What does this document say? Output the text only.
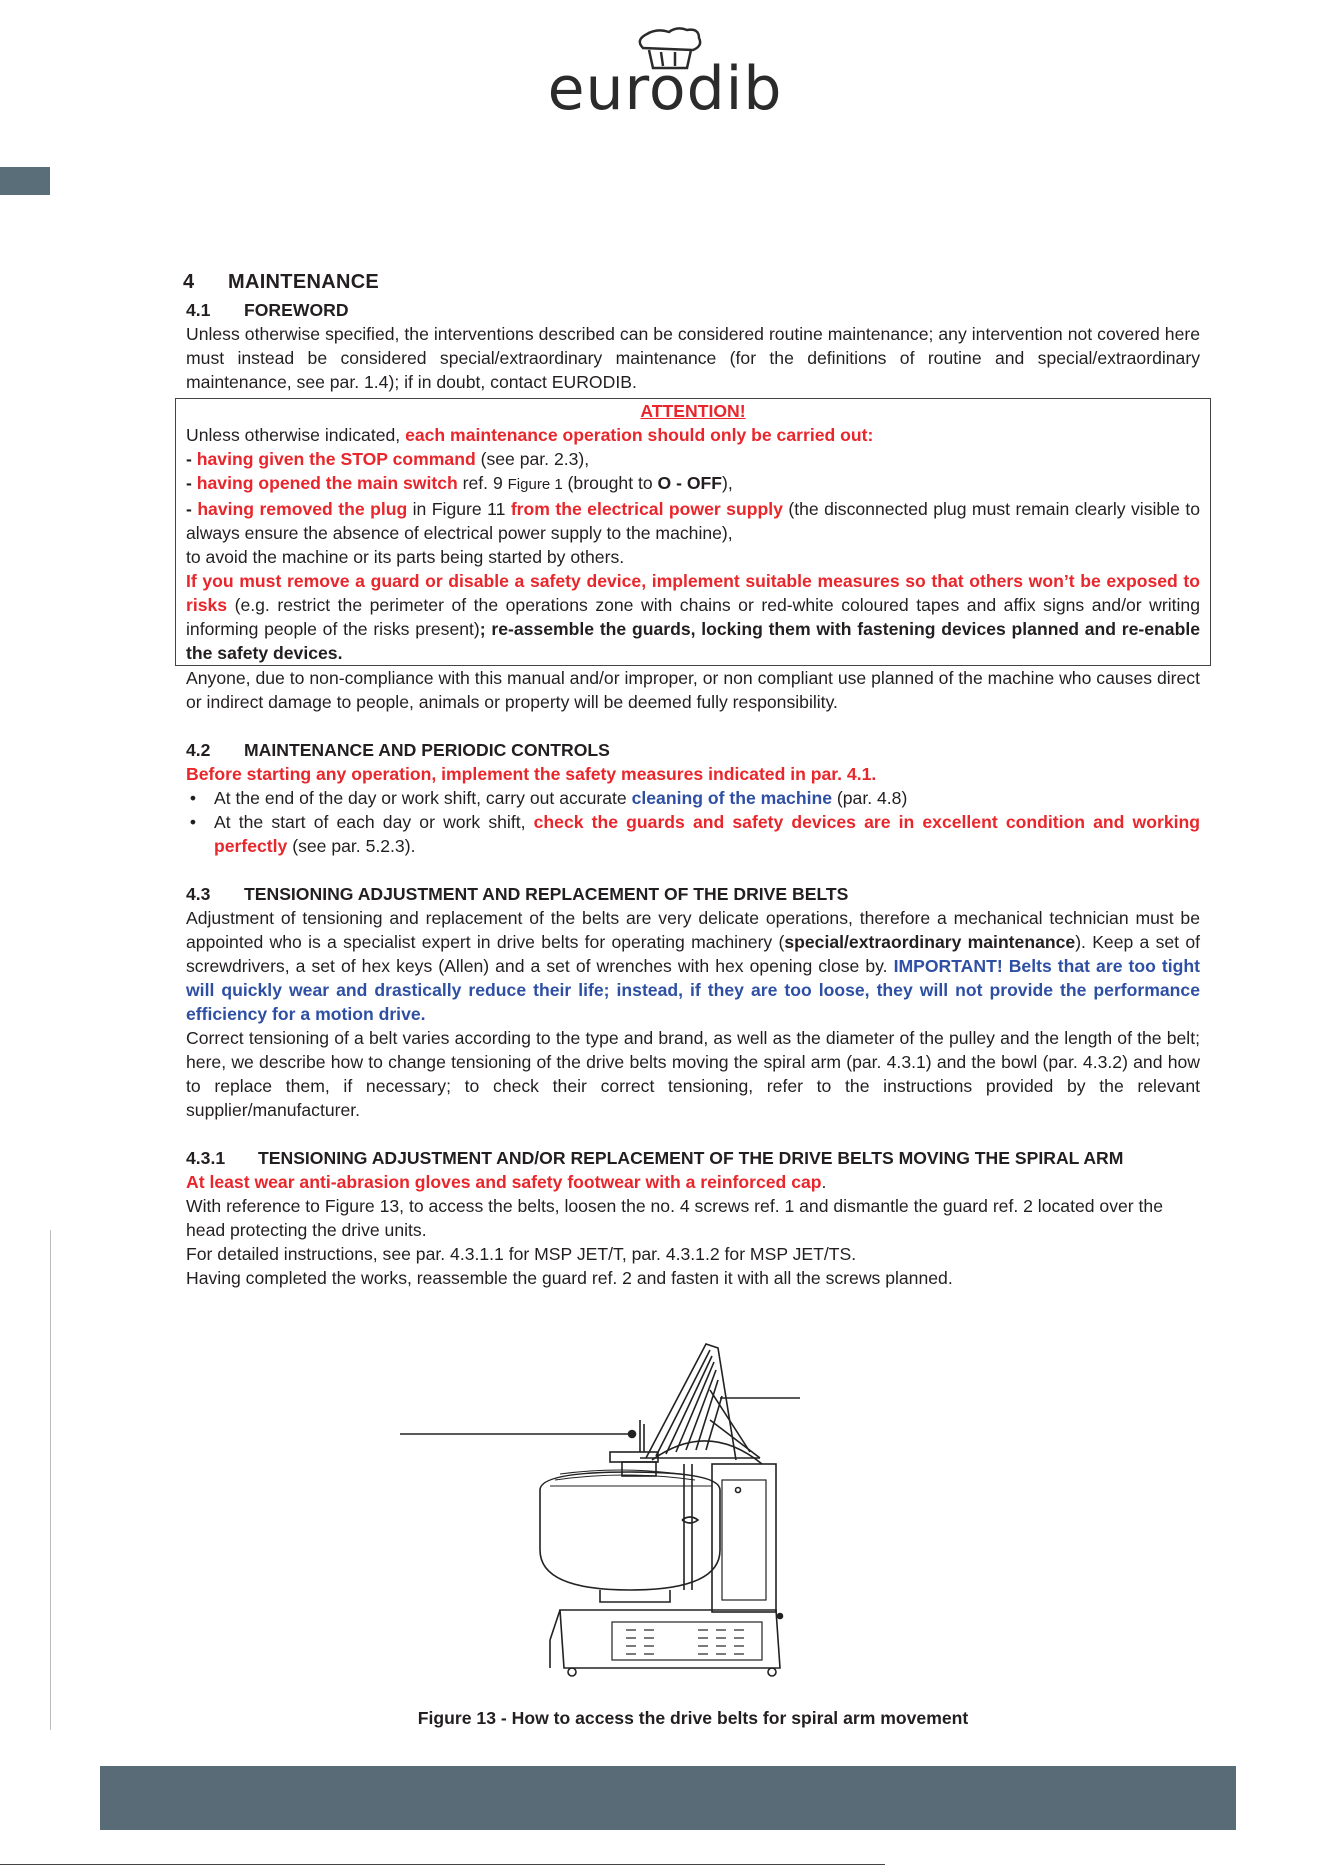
eurodib
4 MAINTENANCE
4.1 FOREWORD

Unless otherwise specified, the interventions described can be considered routine maintenance; any intervention not covered here must instead be considered special/extraordinary maintenance (for the definitions of routine and special/extraordinary maintenance, see par. 1.4); if in doubt, contact EURODIB.

ATTENTION!

Unless otherwise indicated, each maintenance operation should only be carried out:

- having given the STOP command (see par. 2.3),

- having opened the main switch ref. 9 Figure 1 (brought to O - OFF),

- having removed the plug in Figure 11 from the electrical power supply (the disconnected plug must remain clearly visible to always ensure the absence of electrical power supply to the machine),

to avoid the machine or its parts being started by others.

If you must remove a guard or disable a safety device, implement suitable measures so that others won’t be exposed to risks (e.g. restrict the perimeter of the operations zone with chains or red-white coloured tapes and affix signs and/or writing informing people of the risks present); re-assemble the guards, locking them with fastening devices planned and re-enable the safety devices.

Anyone, due to non-compliance with this manual and/or improper, or non compliant use planned of the machine who causes direct or indirect damage to people, animals or property will be deemed fully responsibility.

4.2 MAINTENANCE AND PERIODIC CONTROLS

Before starting any operation, implement the safety measures indicated in par. 4.1.

• At the end of the day or work shift, carry out accurate cleaning of the machine (par. 4.8)
• At the start of each day or work shift, check the guards and safety devices are in excellent condition and working perfectly (see par. 5.2.3).
4.3 TENSIONING ADJUSTMENT AND REPLACEMENT OF THE DRIVE BELTS

Adjustment of tensioning and replacement of the belts are very delicate operations, therefore a mechanical technician must be appointed who is a specialist expert in drive belts for operating machinery (special/extraordinary maintenance). Keep a set of screwdrivers, a set of hex keys (Allen) and a set of wrenches with hex opening close by. IMPORTANT! Belts that are too tight will quickly wear and drastically reduce their life; instead, if they are too loose, they will not provide the performance efficiency for a motion drive.

Correct tensioning of a belt varies according to the type and brand, as well as the diameter of the pulley and the length of the belt; here, we describe how to change tensioning of the drive belts moving the spiral arm (par. 4.3.1) and the bowl (par. 4.3.2) and how to replace them, if necessary; to check their correct tensioning, refer to the instructions provided by the relevant supplier/manufacturer.

4.3.1	TENSIONING ADJUSTMENT AND/OR REPLACEMENT OF THE DRIVE BELTS MOVING THE SPIRAL ARM

At least wear anti-abrasion gloves and safety footwear with a reinforced cap.

With reference to Figure 13, to access the belts, loosen the no. 4 screws ref. 1 and dismantle the guard ref. 2 located over the head protecting the drive units.

For detailed instructions, see par. 4.3.1.1 for MSP JET/T, par. 4.3.1.2 for MSP JET/TS.

Having completed the works, reassemble the guard ref. 2 and fasten it with all the screws planned.

Figure 13 - How to access the drive belts for spiral arm movement
